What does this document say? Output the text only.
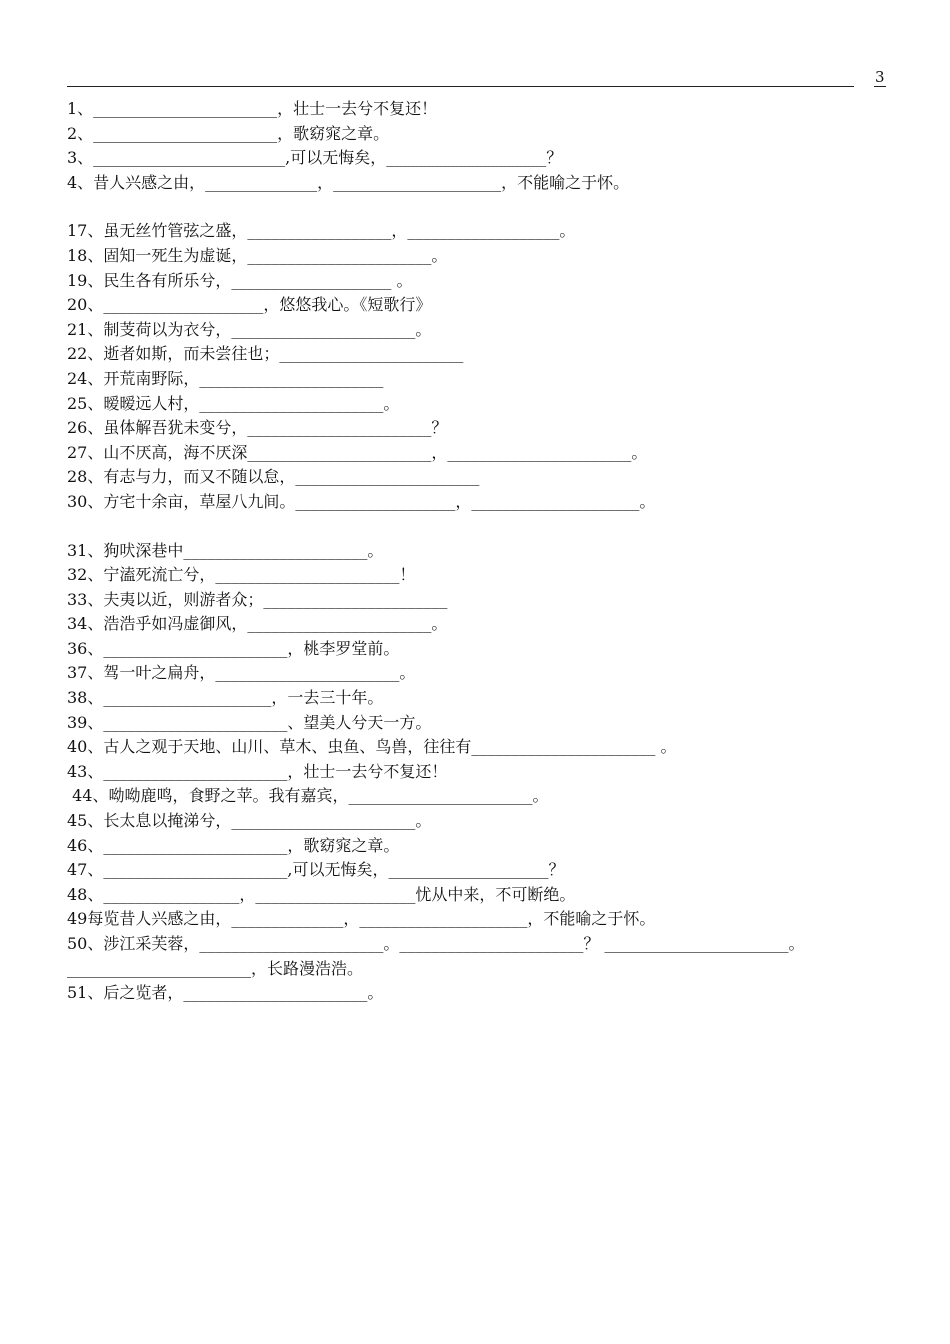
3
1、_______________________，壮士一去兮不复还！
2、_______________________，歌窈窕之章。
3、________________________,可以无悔矣，____________________？
4、昔人兴感之由，______________，_____________________，不能喻之于怀。
17、虽无丝竹管弦之盛，__________________，___________________。
18、固知一死生为虚诞，_______________________。
19、民生各有所乐兮，____________________ 。
20、____________________，悠悠我心。《短歌行》
21、制芰荷以为衣兮，_______________________。
22、逝者如斯，而未尝往也；_______________________
24、开荒南野际，_______________________
25、暧暧远人村，_______________________。
26、虽体解吾犹未变兮，_______________________？
27、山不厌高，海不厌深_______________________，_______________________。
28、有志与力，而又不随以怠，_______________________
30、方宅十余亩，草屋八九间。____________________，_____________________。
31、狗吠深巷中_______________________。
32、宁溘死流亡兮，_______________________！
33、夫夷以近，则游者众；_______________________
34、浩浩乎如冯虚御风，_______________________。
36、_______________________，桃李罗堂前。
37、驾一叶之扁舟，_______________________。
38、_____________________，一去三十年。
39、_______________________、望美人兮天一方。
40、古人之观于天地、山川、草木、虫鱼、鸟兽，往往有_______________________ 。
43、_______________________，壮士一去兮不复还！
44、呦呦鹿鸣，食野之苹。我有嘉宾，_______________________。
45、长太息以掩涕兮，_______________________。
46、_______________________，歌窈窕之章。
47、_______________________,可以无悔矣，____________________？
48、_________________，____________________忧从中来，不可断绝。
49每览昔人兴感之由，______________，_____________________，不能喻之于怀。
50、涉江采芙蓉，_______________________。_______________________？ _______________________。
_______________________，长路漫浩浩。
51、后之览者，_______________________。
